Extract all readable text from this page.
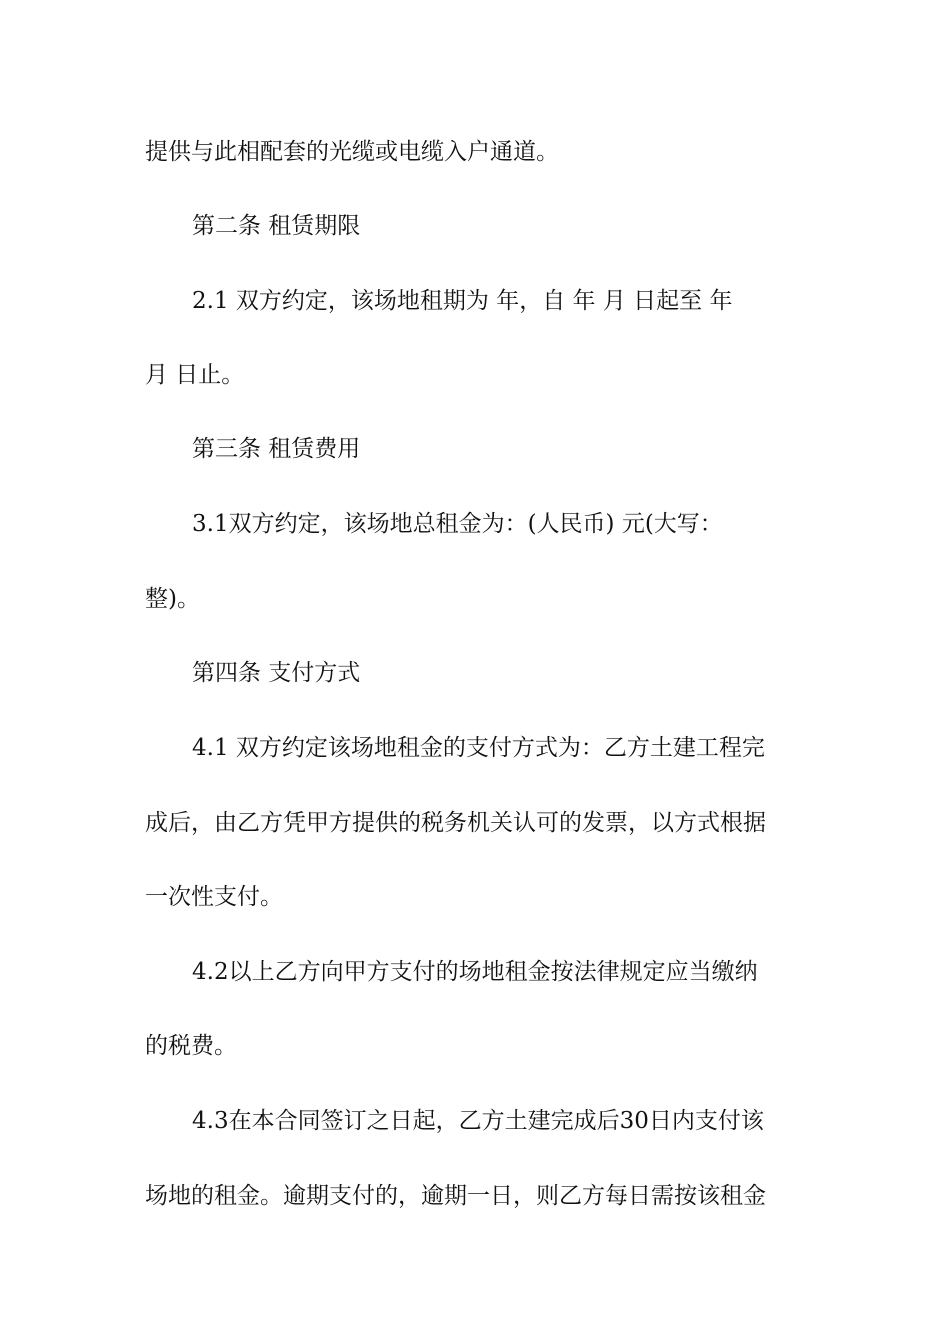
提供与此相配套的光缆或电缆入户通道。
第二条 租赁期限
2.1 双方约定，该场地租期为 年，自 年 月 日起至 年
月 日止。
第三条 租赁费用
3.1双方约定，该场地总租金为：(人民币) 元(大写：
整)。
第四条 支付方式
4.1 双方约定该场地租金的支付方式为：乙方土建工程完
成后，由乙方凭甲方提供的税务机关认可的发票，以方式根据
一次性支付。
4.2以上乙方向甲方支付的场地租金按法律规定应当缴纳
的税费。
4.3在本合同签订之日起，乙方土建完成后30日内支付该
场地的租金。逾期支付的，逾期一日，则乙方每日需按该租金
